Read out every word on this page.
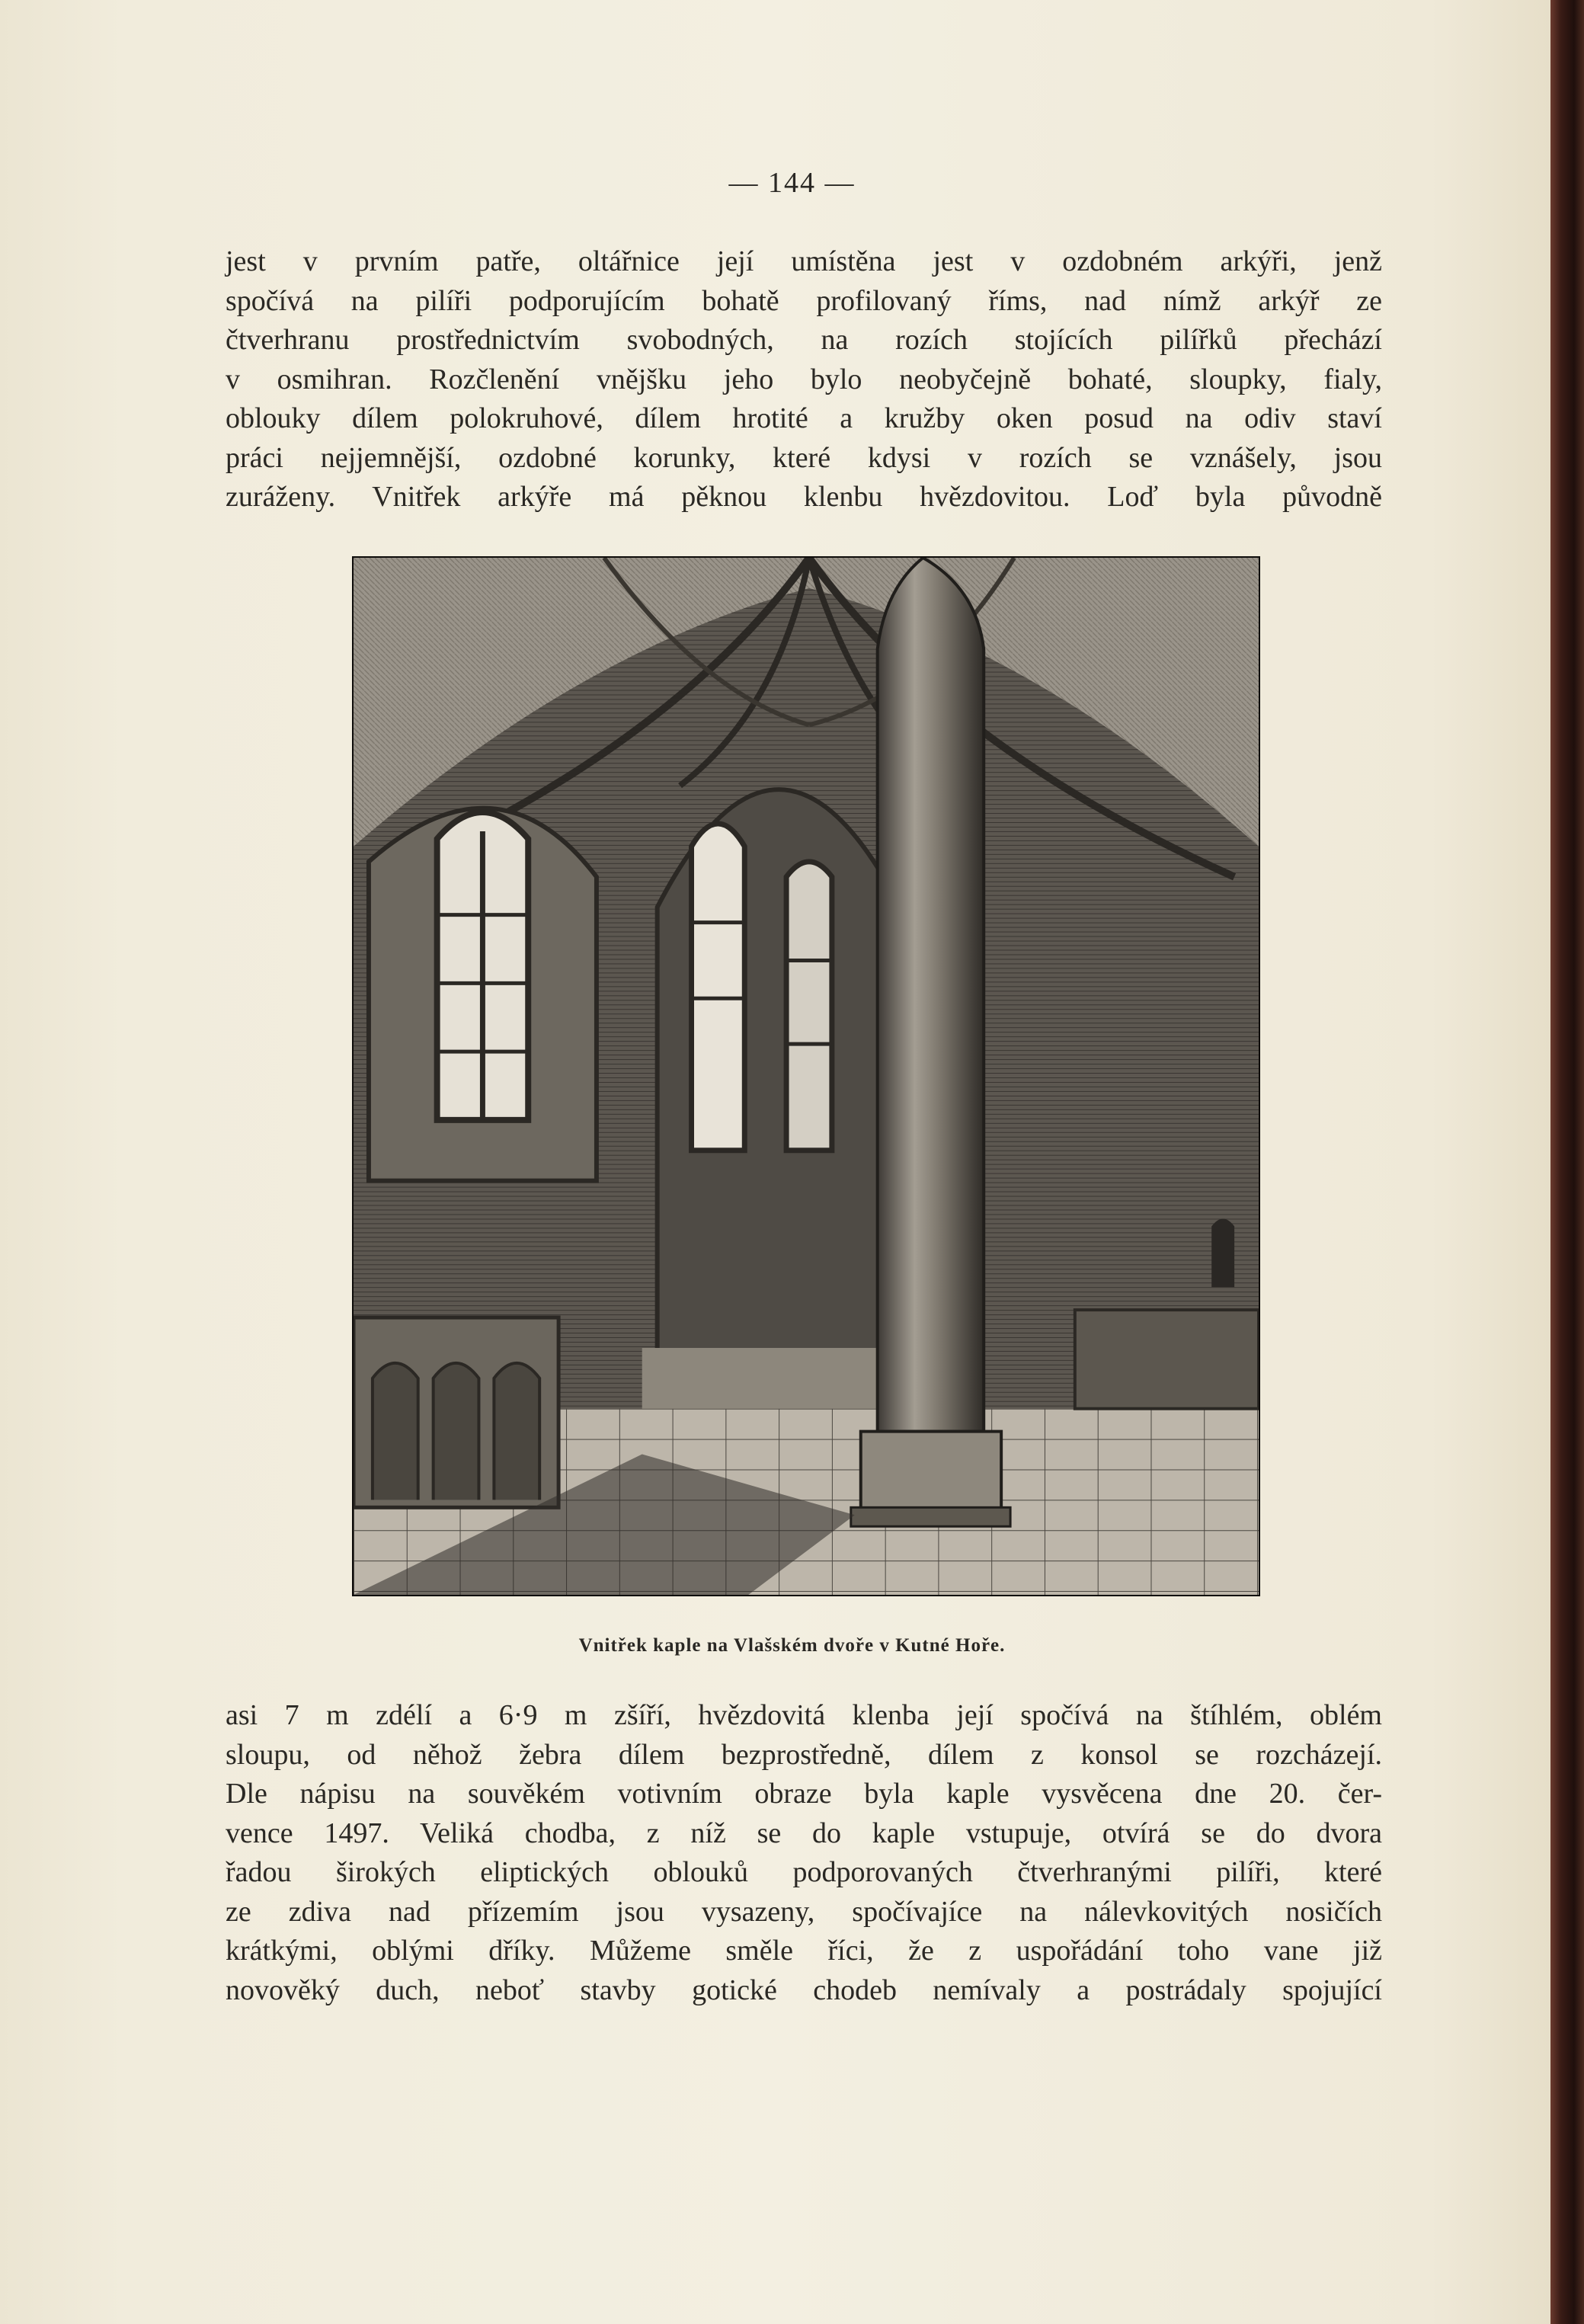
— 144 —

jest v prvním patře, oltářnice její umístěna jest v ozdobném arkýři, jenž
spočívá na pilíři podporujícím bohatě profilovaný říms, nad nímž arkýř ze
čtverhranu prostřednictvím svobodných, na rozích stojících pilířků přechází
v osmihran. Rozčlenění vnějšku jeho bylo neobyčejně bohaté, sloupky, fialy,
oblouky dílem polokruhové, dílem hrotité a kružby oken posud na odiv staví
práci nejjemnější, ozdobné korunky, které kdysi v rozích se vznášely, jsou
zuráženy. Vnitřek arkýře má pěknou klenbu hvězdovitou. Loď byla původně

Vnitřek kaple na Vlašském dvoře v Kutné Hoře.

asi 7 m zdélí a 6·9 m zšíří, hvězdovitá klenba její spočívá na štíhlém, oblém
sloupu, od něhož žebra dílem bezprostředně, dílem z konsol se rozcházejí.
Dle nápisu na souvěkém votivním obraze byla kaple vysvěcena dne 20. čer-
vence 1497. Veliká chodba, z níž se do kaple vstupuje, otvírá se do dvora
řadou širokých eliptických oblouků podporovaných čtverhranými pilíři, které
ze zdiva nad přízemím jsou vysazeny, spočívajíce na nálevkovitých nosičích
krátkými, oblými dříky. Můžeme směle říci, že z uspořádání toho vane již
novověký duch, neboť stavby gotické chodeb nemívaly a postrádaly spojující
